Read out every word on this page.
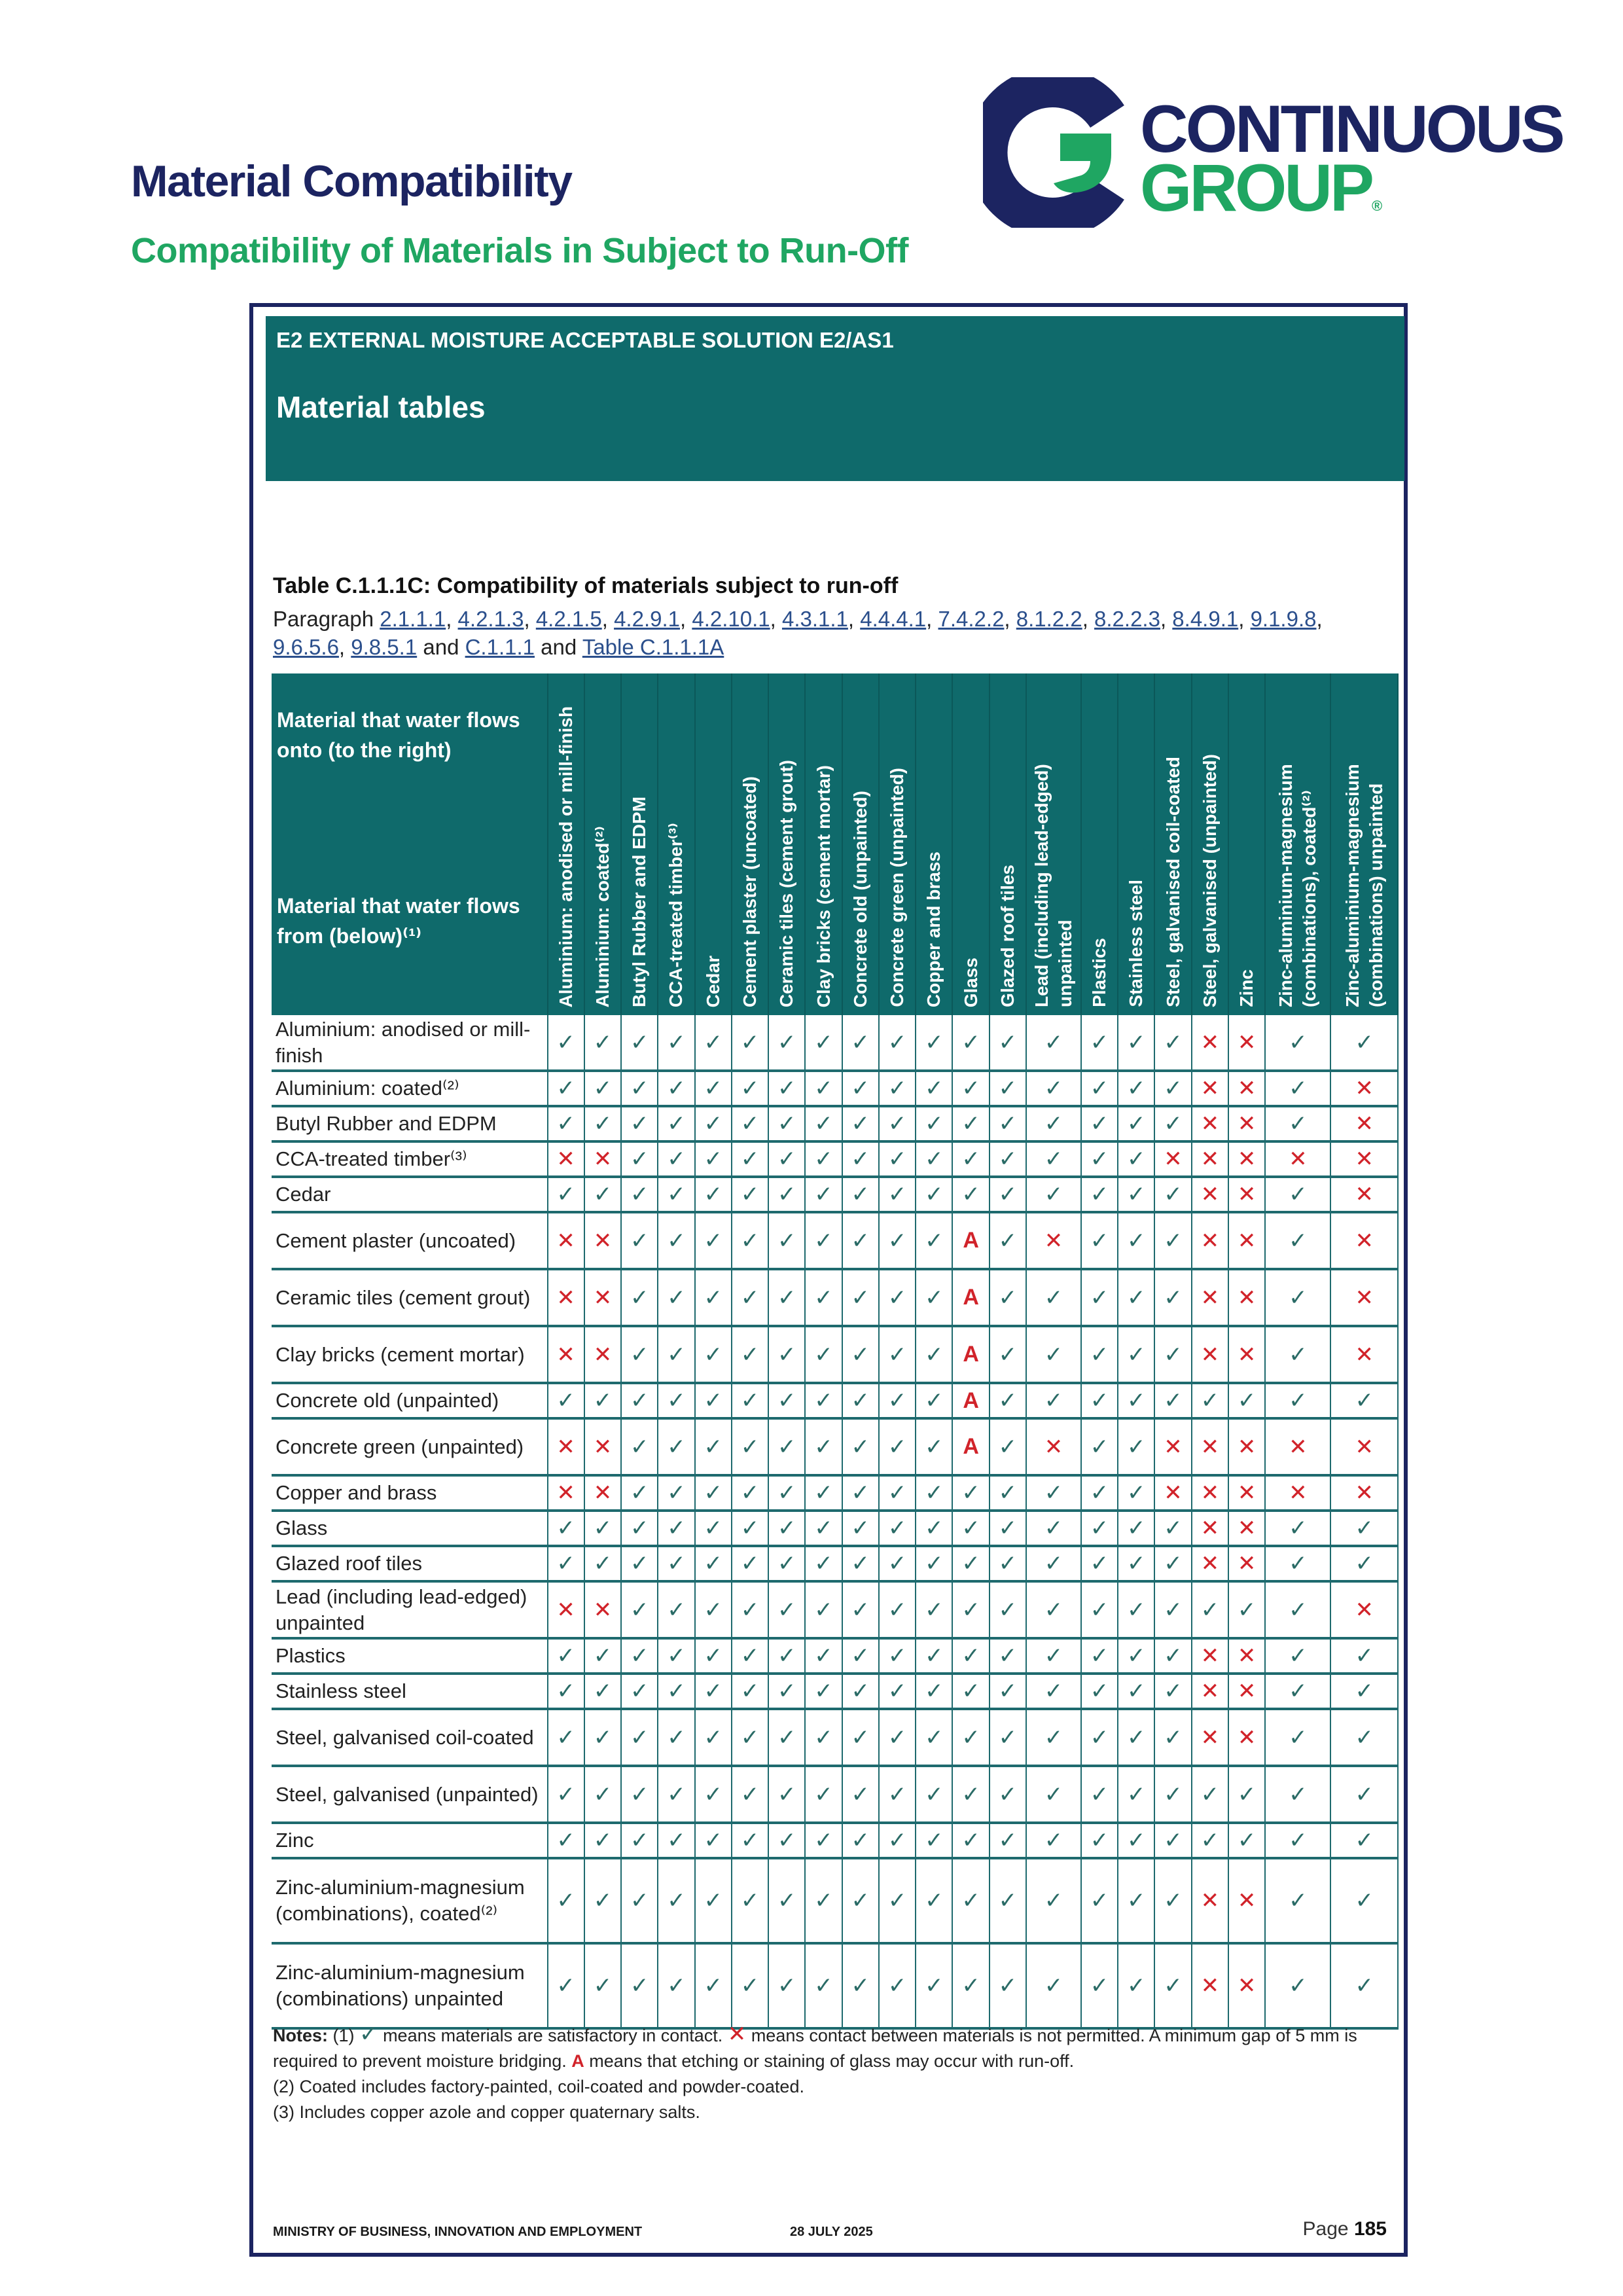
Material Compatibility
Compatibility of Materials in Subject to Run-Off
CONTINUOUS
GROUP®
E2 EXTERNAL MOISTURE ACCEPTABLE SOLUTION E2/AS1
Material tables
Table C.1.1.1C: Compatibility of materials subject to run-off
Paragraph 2.1.1.1, 4.2.1.3, 4.2.1.5, 4.2.9.1, 4.2.10.1, 4.3.1.1, 4.4.4.1, 7.4.2.2, 8.1.2.2, 8.2.2.3, 8.4.9.1, 9.1.9.8, 9.6.5.6, 9.8.5.1 and C.1.1.1 and Table C.1.1.1A
Material that water flows onto (to the right)
Material that water flows from (below)⁽¹⁾	Aluminium: anodised or mill-finish	Aluminium: coated⁽²⁾	Butyl Rubber and EDPM	CCA-treated timber⁽³⁾	Cedar	Cement plaster (uncoated)	Ceramic tiles (cement grout)	Clay bricks (cement mortar)	Concrete old (unpainted)	Concrete green (unpainted)	Copper and brass	Glass	Glazed roof tiles	Lead (including lead-edged) unpainted	Plastics	Stainless steel	Steel, galvanised coil-coated	Steel, galvanised (unpainted)	Zinc	Zinc-aluminium-magnesium (combinations), coated⁽²⁾	Zinc-aluminium-magnesium (combinations) unpainted

Aluminium: anodised or mill-finish	✓	✓	✓	✓	✓	✓	✓	✓	✓	✓	✓	✓	✓	✓	✓	✓	✓	✕	✕	✓	✓
Aluminium: coated⁽²⁾	✓	✓	✓	✓	✓	✓	✓	✓	✓	✓	✓	✓	✓	✓	✓	✓	✓	✕	✕	✓	✕
Butyl Rubber and EDPM	✓	✓	✓	✓	✓	✓	✓	✓	✓	✓	✓	✓	✓	✓	✓	✓	✓	✕	✕	✓	✕
CCA-treated timber⁽³⁾	✕	✕	✓	✓	✓	✓	✓	✓	✓	✓	✓	✓	✓	✓	✓	✓	✕	✕	✕	✕	✕
Cedar	✓	✓	✓	✓	✓	✓	✓	✓	✓	✓	✓	✓	✓	✓	✓	✓	✓	✕	✕	✓	✕
Cement plaster (uncoated)	✕	✕	✓	✓	✓	✓	✓	✓	✓	✓	✓	A	✓	✕	✓	✓	✓	✕	✕	✓	✕
Ceramic tiles (cement grout)	✕	✕	✓	✓	✓	✓	✓	✓	✓	✓	✓	A	✓	✓	✓	✓	✓	✕	✕	✓	✕
Clay bricks (cement mortar)	✕	✕	✓	✓	✓	✓	✓	✓	✓	✓	✓	A	✓	✓	✓	✓	✓	✕	✕	✓	✕
Concrete old (unpainted)	✓	✓	✓	✓	✓	✓	✓	✓	✓	✓	✓	A	✓	✓	✓	✓	✓	✓	✓	✓	✓
Concrete green (unpainted)	✕	✕	✓	✓	✓	✓	✓	✓	✓	✓	✓	A	✓	✕	✓	✓	✕	✕	✕	✕	✕
Copper and brass	✕	✕	✓	✓	✓	✓	✓	✓	✓	✓	✓	✓	✓	✓	✓	✓	✕	✕	✕	✕	✕
Glass	✓	✓	✓	✓	✓	✓	✓	✓	✓	✓	✓	✓	✓	✓	✓	✓	✓	✕	✕	✓	✓
Glazed roof tiles	✓	✓	✓	✓	✓	✓	✓	✓	✓	✓	✓	✓	✓	✓	✓	✓	✓	✕	✕	✓	✓
Lead (including lead-edged) unpainted	✕	✕	✓	✓	✓	✓	✓	✓	✓	✓	✓	✓	✓	✓	✓	✓	✓	✓	✓	✓	✕
Plastics	✓	✓	✓	✓	✓	✓	✓	✓	✓	✓	✓	✓	✓	✓	✓	✓	✓	✕	✕	✓	✓
Stainless steel	✓	✓	✓	✓	✓	✓	✓	✓	✓	✓	✓	✓	✓	✓	✓	✓	✓	✕	✕	✓	✓
Steel, galvanised coil-coated	✓	✓	✓	✓	✓	✓	✓	✓	✓	✓	✓	✓	✓	✓	✓	✓	✓	✕	✕	✓	✓
Steel, galvanised (unpainted)	✓	✓	✓	✓	✓	✓	✓	✓	✓	✓	✓	✓	✓	✓	✓	✓	✓	✓	✓	✓	✓
Zinc	✓	✓	✓	✓	✓	✓	✓	✓	✓	✓	✓	✓	✓	✓	✓	✓	✓	✓	✓	✓	✓
Zinc-aluminium-magnesium (combinations), coated⁽²⁾	✓	✓	✓	✓	✓	✓	✓	✓	✓	✓	✓	✓	✓	✓	✓	✓	✓	✕	✕	✓	✓
Zinc-aluminium-magnesium (combinations) unpainted	✓	✓	✓	✓	✓	✓	✓	✓	✓	✓	✓	✓	✓	✓	✓	✓	✓	✕	✕	✓	✓
Notes: (1) ✓ means materials are satisfactory in contact. ✕ means contact between materials is not permitted. A minimum gap of 5 mm is required to prevent moisture bridging. A means that etching or staining of glass may occur with run-off.
(2) Coated includes factory-painted, coil-coated and powder-coated.
(3) Includes copper azole and copper quaternary salts.
MINISTRY OF BUSINESS, INNOVATION AND EMPLOYMENT	28 JULY 2025	Page 185
